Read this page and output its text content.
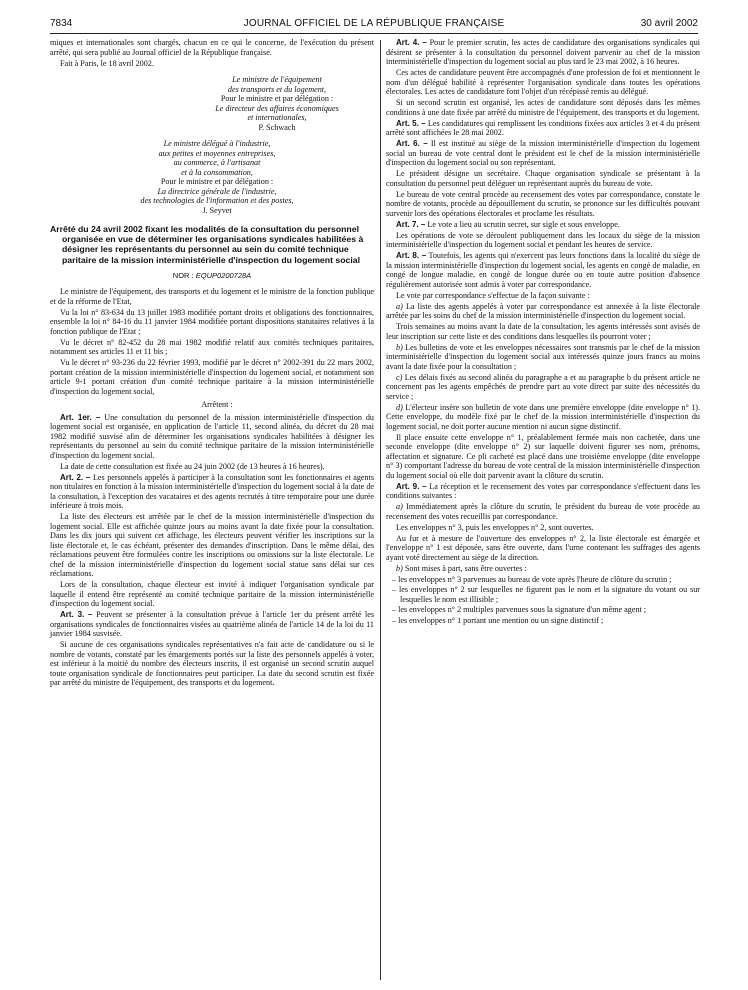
7834	JOURNAL OFFICIEL DE LA RÉPUBLIQUE FRANÇAISE	30 avril 2002

miques et internationales sont chargés, chacun en ce qui le concerne, de l'exécution du présent arrêté, qui sera publié au Journal officiel de la République française.

Fait à Paris, le 18 avril 2002.

Le ministre de l'équipement

des transports et du logement,

Pour le ministre et par délégation :

Le directeur des affaires économiques

et internationales,

P. Schwach

Le ministre délégué à l'industrie,

aux petites et moyennes entreprises,

au commerce, à l'artisanat

et à la consommation,

Pour le ministre et par délégation :

La directrice générale de l'industrie,

des technologies de l'information et des postes,

J. Seyvet

Arrêté du 24 avril 2002 fixant les modalités de la consultation du personnel organisée en vue de déterminer les organisations syndicales habilitées à désigner les représentants du personnel au sein du comité technique paritaire de la mission interministérielle d'inspection du logement social
NOR : EQUP0200728A

Le ministre de l'équipement, des transports et du logement et le ministre de la fonction publique et de la réforme de l'Etat,

Vu la loi n° 83-634 du 13 juillet 1983 modifiée portant droits et obligations des fonctionnaires, ensemble la loi n° 84-16 du 11 janvier 1984 modifiée portant dispositions statutaires relatives à la fonction publique de l'Etat ;

Vu le décret n° 82-452 du 28 mai 1982 modifié relatif aux comités techniques paritaires, notamment ses articles 11 et 11 bis ;

Vu le décret n° 93-236 du 22 février 1993, modifié par le décret n° 2002-391 du 22 mars 2002, portant création de la mission interministérielle d'inspection du logement social, et notamment son article 9-1 portant création d'un comité technique paritaire à la mission interministérielle d'inspection du logement social,

Arrêtent :

Art. 1er. – Une consultation du personnel de la mission interministérielle d'inspection du logement social est organisée, en application de l'article 11, second alinéa, du décret du 28 mai 1982 modifié susvisé afin de déterminer les organisations syndicales habilitées à désigner les représentants du personnel au sein du comité technique paritaire de la mission interministérielle d'inspection du logement social.

La date de cette consultation est fixée au 24 juin 2002 (de 13 heures à 16 heures).

Art. 2. – Les personnels appelés à participer à la consultation sont les fonctionnaires et agents non titulaires en fonction à la mission interministérielle d'inspection du logement social à la date de la consultation, à l'exception des vacataires et des agents recrutés à titre temporaire pour une durée inférieure à trois mois.

La liste des électeurs est arrêtée par le chef de la mission interministérielle d'inspection du logement social. Elle est affichée quinze jours au moins avant la date fixée pour la consultation. Dans les dix jours qui suivent cet affichage, les électeurs peuvent vérifier les inscriptions sur la liste électorale et, le cas échéant, présenter des demandes d'inscription. Dans le même délai, des réclamations peuvent être formulées contre les inscriptions ou omissions sur la liste électorale. Le chef de la mission interministérielle d'inspection du logement social statue sans délai sur ces réclamations.

Lors de la consultation, chaque électeur est invité à indiquer l'organisation syndicale par laquelle il entend être représenté au comité technique paritaire de la mission interministérielle d'inspection du logement social.

Art. 3. – Peuvent se présenter à la consultation prévue à l'article 1er du présent arrêté les organisations syndicales de fonctionnaires visées au quatrième alinéa de l'article 14 de la loi du 11 janvier 1984 susvisée.

Si aucune de ces organisations syndicales représentatives n'a fait acte de candidature ou si le nombre de votants, constaté par les émargements portés sur la liste des personnels appelés à voter, est inférieur à la moitié du nombre des électeurs inscrits, il est organisé un second scrutin auquel toute organisation syndicale de fonctionnaires peut participer. La date du second scrutin est fixée par arrêté du ministre de l'équipement, des transports et du logement.

Art. 4. – Pour le premier scrutin, les actes de candidature des organisations syndicales qui désirent se présenter à la consultation du personnel doivent parvenir au chef de la mission interministérielle d'inspection du logement social au plus tard le 23 mai 2002, à 16 heures.

Ces actes de candidature peuvent être accompagnés d'une profession de foi et mentionnent le nom d'un délégué habilité à représenter l'organisation syndicale dans toutes les opérations électorales. Les actes de candidature font l'objet d'un récépissé remis au délégué.

Si un second scrutin est organisé, les actes de candidature sont déposés dans les mêmes conditions à une date fixée par arrêté du ministre de l'équipement, des transports et du logement.

Art. 5. – Les candidatures qui remplissent les conditions fixées aux articles 3 et 4 du présent arrêté sont affichées le 28 mai 2002.

Art. 6. – Il est institué au siège de la mission interministérielle d'inspection du logement social un bureau de vote central dont le président est le chef de la mission interministérielle d'inspection du logement social ou son représentant.

Le président désigne un secrétaire. Chaque organisation syndicale se présentant à la consultation du personnel peut déléguer un représentant auprès du bureau de vote.

Le bureau de vote central procède au recensement des votes par correspondance, constate le nombre de votants, procède au dépouillement du scrutin, se prononce sur les difficultés pouvant survenir lors des opérations électorales et proclame les résultats.

Art. 7. – Le vote a lieu au scrutin secret, sur sigle et sous enveloppe.

Les opérations de vote se déroulent publiquement dans les locaux du siège de la mission interministérielle d'inspection du logement social et pendant les heures de service.

Art. 8. – Toutefois, les agents qui n'exercent pas leurs fonctions dans la localité du siège de la mission interministérielle d'inspection du logement social, les agents en congé de maladie, en congé de longue maladie, en congé de longue durée ou en toute autre position d'absence régulièrement autorisée sont admis à voter par correspondance.

Le vote par correspondance s'effectue de la façon suivante :

a) La liste des agents appelés à voter par correspondance est annexée à la liste électorale arrêtée par les soins du chef de la mission interministérielle d'inspection du logement social.

Trois semaines au moins avant la date de la consultation, les agents intéressés sont avisés de leur inscription sur cette liste et des conditions dans lesquelles ils pourront voter ;

b) Les bulletins de vote et les enveloppes nécessaires sont transmis par le chef de la mission interministérielle d'inspection du logement social aux intéressés quinze jours francs au moins avant la date fixée pour la consultation ;

c) Les délais fixés au second alinéa du paragraphe a et au paragraphe b du présent article ne concernent pas les agents empêchés de prendre part au vote direct par suite des nécessités du service ;

d) L'électeur insère son bulletin de vote dans une première enveloppe (dite enveloppe n° 1). Cette enveloppe, du modèle fixé par le chef de la mission interministérielle d'inspection du logement social, ne doit porter aucune mention ni aucun signe distinctif.

Il place ensuite cette enveloppe n° 1, préalablement fermée mais non cachetée, dans une seconde enveloppe (dite enveloppe n° 2) sur laquelle doivent figurer ses nom, prénoms, affectation et signature. Ce pli cacheté est placé dans une troisième enveloppe (dite enveloppe n° 3) comportant l'adresse du bureau de vote central de la mission interministérielle d'inspection du logement social où elle doit parvenir avant la clôture du scrutin.

Art. 9. – La réception et le recensement des votes par correspondance s'effectuent dans les conditions suivantes :

a) Immédiatement après la clôture du scrutin, le président du bureau de vote procède au recensement des votes recueillis par correspondance.

Les enveloppes n° 3, puis les enveloppes n° 2, sont ouvertes.

Au fur et à mesure de l'ouverture des enveloppes n° 2, la liste électorale est émargée et l'enveloppe n° 1 est déposée, sans être ouverte, dans l'urne contenant les suffrages des agents ayant voté directement au siège de la direction.

b) Sont mises à part, sans être ouvertes :

– les enveloppes n° 3 parvenues au bureau de vote après l'heure de clôture du scrutin ;

– les enveloppes n° 2 sur lesquelles ne figurent pas le nom et la signature du votant ou sur lesquelles le nom est illisible ;

– les enveloppes n° 2 multiples parvenues sous la signature d'un même agent ;

– les enveloppes n° 1 portant une mention ou un signe distinctif ;
